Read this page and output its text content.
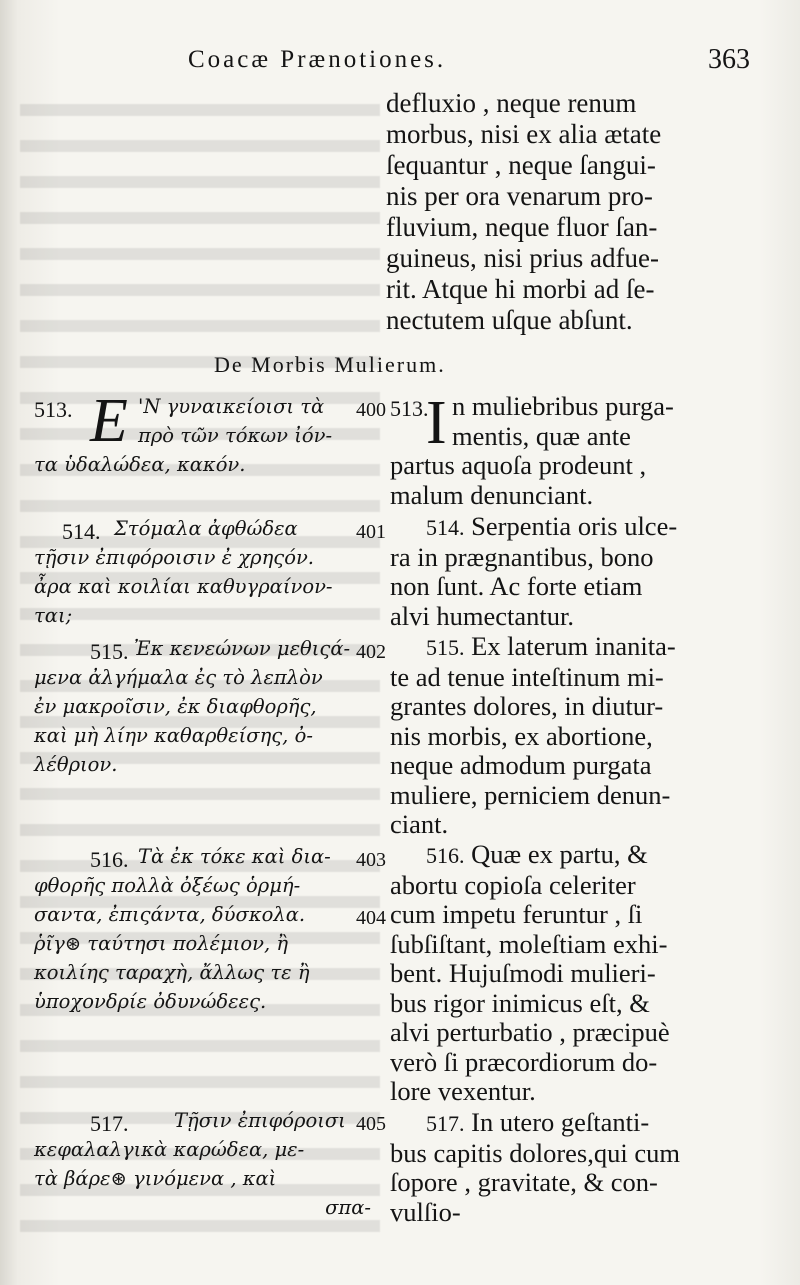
Coacæ Prænotiones.	363
defluxio , neque renum
morbus, nisi ex alia ætate
ſequantur , neque ſangui-
nis per ora venarum pro-
fluvium, neque fluor ſan-
guineus, nisi prius adfue-
rit. Atque hi morbi ad ſe-
nectutem uſque abſunt.
De Morbis Mulierum.
513. Ε 'Ν γυναικείοισι τὰ 400
πρὸ τῶν τόκων ἰόν-
τα ὑδαλώδεα, κακόν.
513.
I n muliebribus purga-
mentis, quæ ante
partus aquoſa prodeunt ,
malum denunciant.
514. Στόμαλα ἀφθώδεα	401
τῇσιν ἐπιφόροισιν ἐ χρηςόν.
ἆρα καὶ κοιλίαι καθυγραίνον-
ται;
514. Serpentia oris ulce-
ra in prægnantibus, bono
non ſunt. Ac forte etiam
alvi humectantur.
515. Ἐκ κενεώνων μεθιςά- 402
μενα ἀλγήμαλα ἐς τὸ λεπλὸν
ἐν μακροῖσιν, ἐκ διαφθορῆς,
καὶ μὴ λίην καθαρθείσης, ὀ-
λέθριον.
515. Ex laterum inanita-
te ad tenue inteſtinum mi-
grantes dolores, in diutur-
nis morbis, ex abortione,
neque admodum purgata
muliere, perniciem denun-
ciant.
516. Τὰ ἐκ τόκε καὶ δια- 403
φθορῆς πολλὰ ὀξέως ὁρμή-
σαντα, ἐπιςάντα, δύσκολα.	404
ῥῖγ⊛ ταύτησι πολέμιον, ἢ
κοιλίης ταραχὴ, ἄλλως τε ἢ
ὑποχονδρίε ὀδυνώδεες.
516. Quæ ex partu, &
abortu copioſa celeriter
cum impetu feruntur , ſi
ſubſiſtant, moleſtiam exhi-
bent. Hujuſmodi mulieri-
bus rigor inimicus eſt, &
alvi perturbatio , præcipuè
verò ſi præcordiorum do-
lore vexentur.
517. Τῇσιν ἐπιφόροισι 405
κεφαλαλγικὰ καρώδεα, με-
τὰ βάρε⊛ γινόμενα , καὶ
σπα-
517. In utero geſtanti-
bus capitis dolores,qui cum
ſopore , gravitate, & con-
vulſio-
